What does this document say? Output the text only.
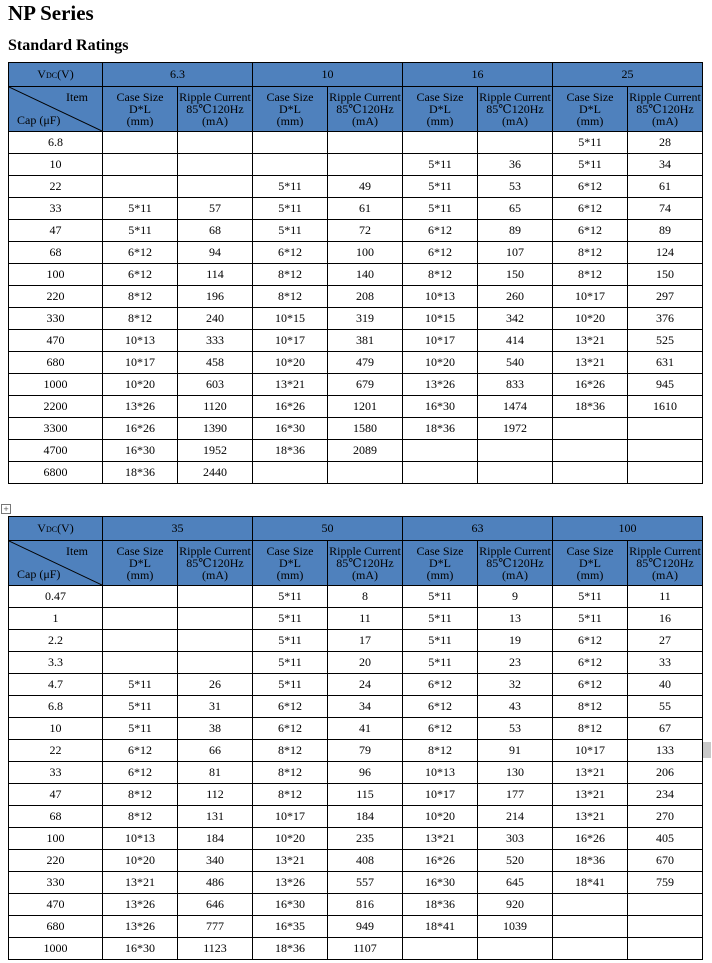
NP Series
Standard Ratings
VDC(V)	6.3		10		16		25	

Item
Cap (μF)	Case Size
D*L
(mm)	Ripple Current
85℃120Hz
(mA)	Case Size
D*L
(mm)	Ripple Current
85℃120Hz
(mA)	Case Size
D*L
(mm)	Ripple Current
85℃120Hz
(mA)	Case Size
D*L
(mm)	Ripple Current
85℃120Hz
(mA)

6.8							5*11	28
10					5*11	36	5*11	34
22			5*11	49	5*11	53	6*12	61
33	5*11	57	5*11	61	5*11	65	6*12	74
47	5*11	68	5*11	72	6*12	89	6*12	89
68	6*12	94	6*12	100	6*12	107	8*12	124
100	6*12	114	8*12	140	8*12	150	8*12	150
220	8*12	196	8*12	208	10*13	260	10*17	297
330	8*12	240	10*15	319	10*15	342	10*20	376
470	10*13	333	10*17	381	10*17	414	13*21	525
680	10*17	458	10*20	479	10*20	540	13*21	631
1000	10*20	603	13*21	679	13*26	833	16*26	945
2200	13*26	1120	16*26	1201	16*30	1474	18*36	1610
3300	16*26	1390	16*30	1580	18*36	1972		
4700	16*30	1952	18*36	2089				
6800	18*36	2440						
+
VDC(V)	35		50		63		100	

Item
Cap (μF)	Case Size
D*L
(mm)	Ripple Current
85℃120Hz
(mA)	Case Size
D*L
(mm)	Ripple Current
85℃120Hz
(mA)	Case Size
D*L
(mm)	Ripple Current
85℃120Hz
(mA)	Case Size
D*L
(mm)	Ripple Current
85℃120Hz
(mA)

0.47			5*11	8	5*11	9	5*11	11
1			5*11	11	5*11	13	5*11	16
2.2			5*11	17	5*11	19	6*12	27
3.3			5*11	20	5*11	23	6*12	33
4.7	5*11	26	5*11	24	6*12	32	6*12	40
6.8	5*11	31	6*12	34	6*12	43	8*12	55
10	5*11	38	6*12	41	6*12	53	8*12	67
22	6*12	66	8*12	79	8*12	91	10*17	133
33	6*12	81	8*12	96	10*13	130	13*21	206
47	8*12	112	8*12	115	10*17	177	13*21	234
68	8*12	131	10*17	184	10*20	214	13*21	270
100	10*13	184	10*20	235	13*21	303	16*26	405
220	10*20	340	13*21	408	16*26	520	18*36	670
330	13*21	486	13*26	557	16*30	645	18*41	759
470	13*26	646	16*30	816	18*36	920		
680	13*26	777	16*35	949	18*41	1039		
1000	16*30	1123	18*36	1107				
